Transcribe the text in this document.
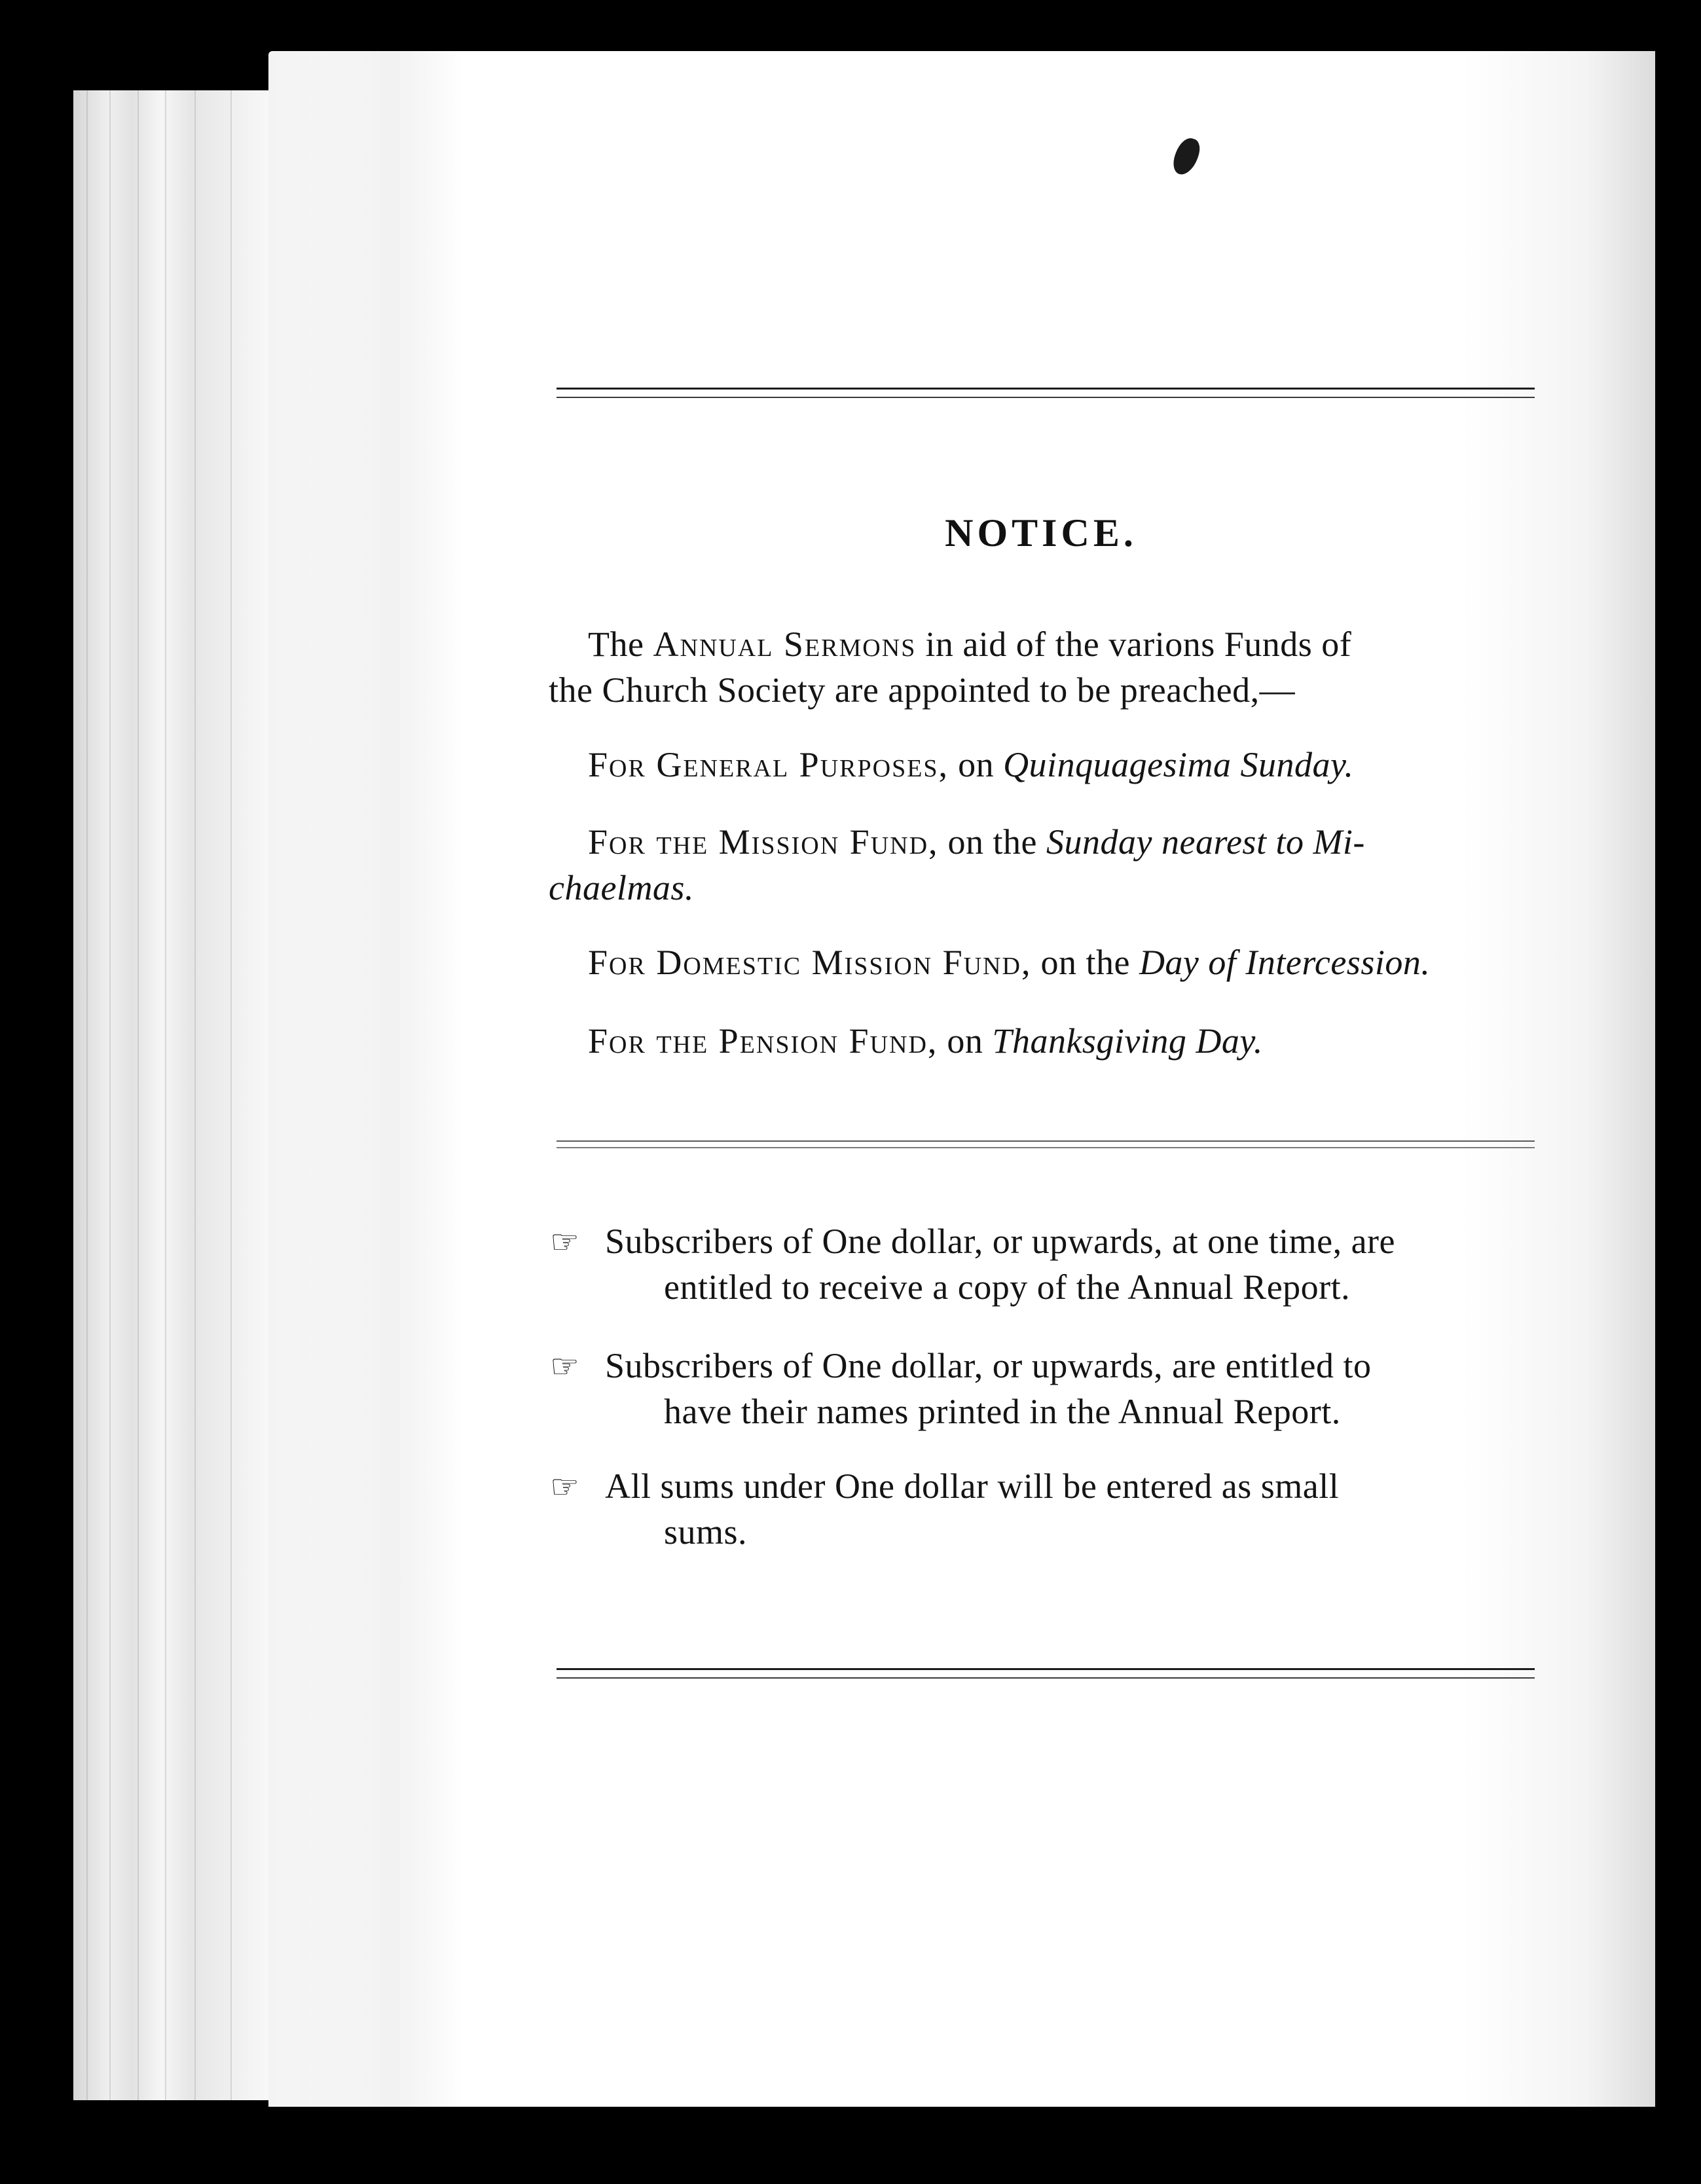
NOTICE.
The Annual Sermons in aid of the varions Funds of
the Church Society are appointed to be preached,—
For General Purposes, on Quinquagesima Sunday.
For the Mission Fund, on the Sunday nearest to Mi-
chaelmas.
For Domestic Mission Fund, on the Day of Intercession.
For the Pension Fund, on Thanksgiving Day.
☞ Subscribers of One dollar, or upwards, at one time, are
entitled to receive a copy of the Annual Report.
☞ Subscribers of One dollar, or upwards, are entitled to
have their names printed in the Annual Report.
☞ All sums under One dollar will be entered as small
sums.
